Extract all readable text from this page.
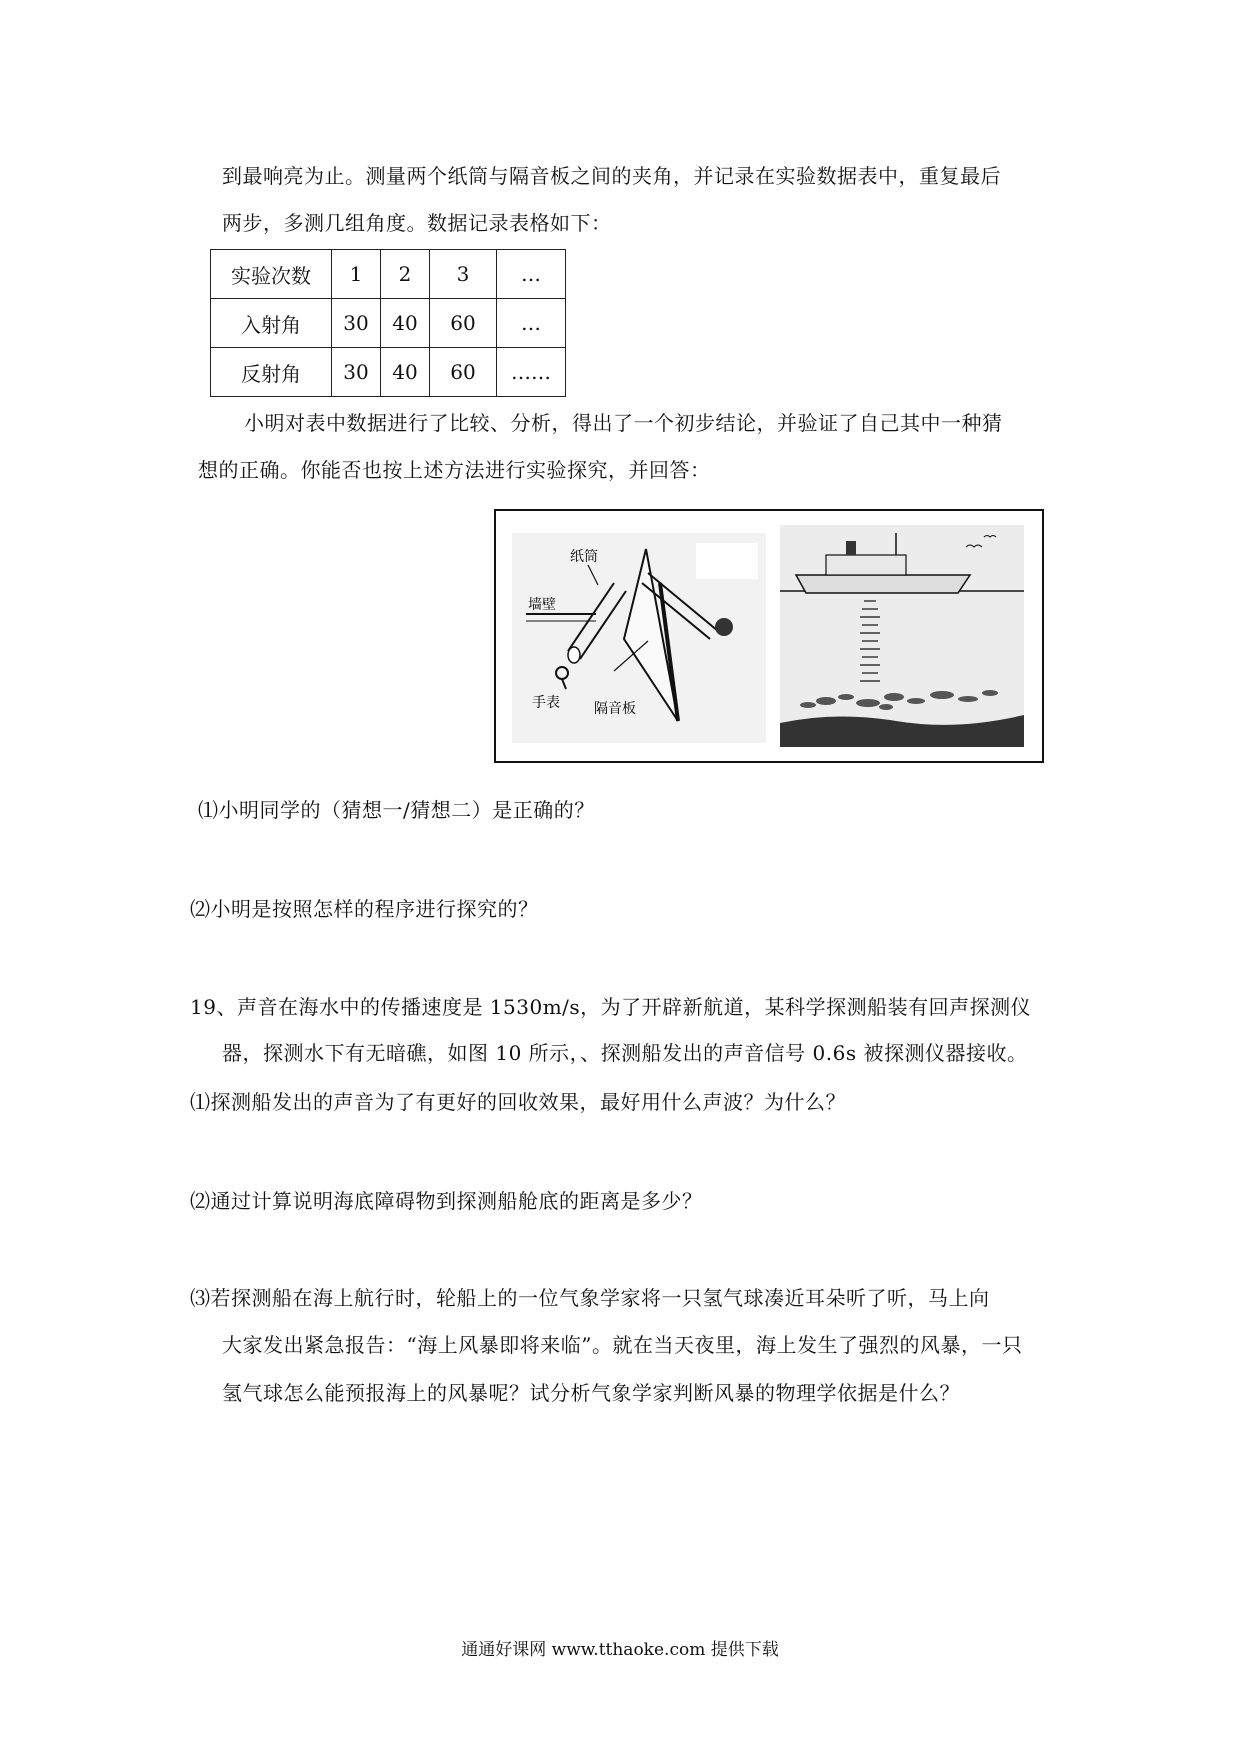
到最响亮为止。测量两个纸筒与隔音板之间的夹角，并记录在实验数据表中，重复最后
两步，多测几组角度。数据记录表格如下：
实验次数	1	2	3	…
入射角	30	40	60	…
反射角	30	40	60	……
小明对表中数据进行了比较、分析，得出了一个初步结论，并验证了自己其中一种猜
想的正确。你能否也按上述方法进行实验探究，并回答：
纸筒
墙壁
手表 隔音板
⑴小明同学的（猜想一/猜想二）是正确的？
⑵小明是按照怎样的程序进行探究的？
19、声音在海水中的传播速度是 1530m/s，为了开辟新航道，某科学探测船装有回声探测仪
器，探测水下有无暗礁，如图 10 所示，、探测船发出的声音信号 0.6s 被探测仪器接收。
⑴探测船发出的声音为了有更好的回收效果，最好用什么声波？为什么？
⑵通过计算说明海底障碍物到探测船舱底的距离是多少？
⑶若探测船在海上航行时，轮船上的一位气象学家将一只氢气球凑近耳朵听了听，马上向
大家发出紧急报告：“海上风暴即将来临”。就在当天夜里，海上发生了强烈的风暴，一只
氢气球怎么能预报海上的风暴呢？试分析气象学家判断风暴的物理学依据是什么？
通通好课网 www.tthaoke.com 提供下载
